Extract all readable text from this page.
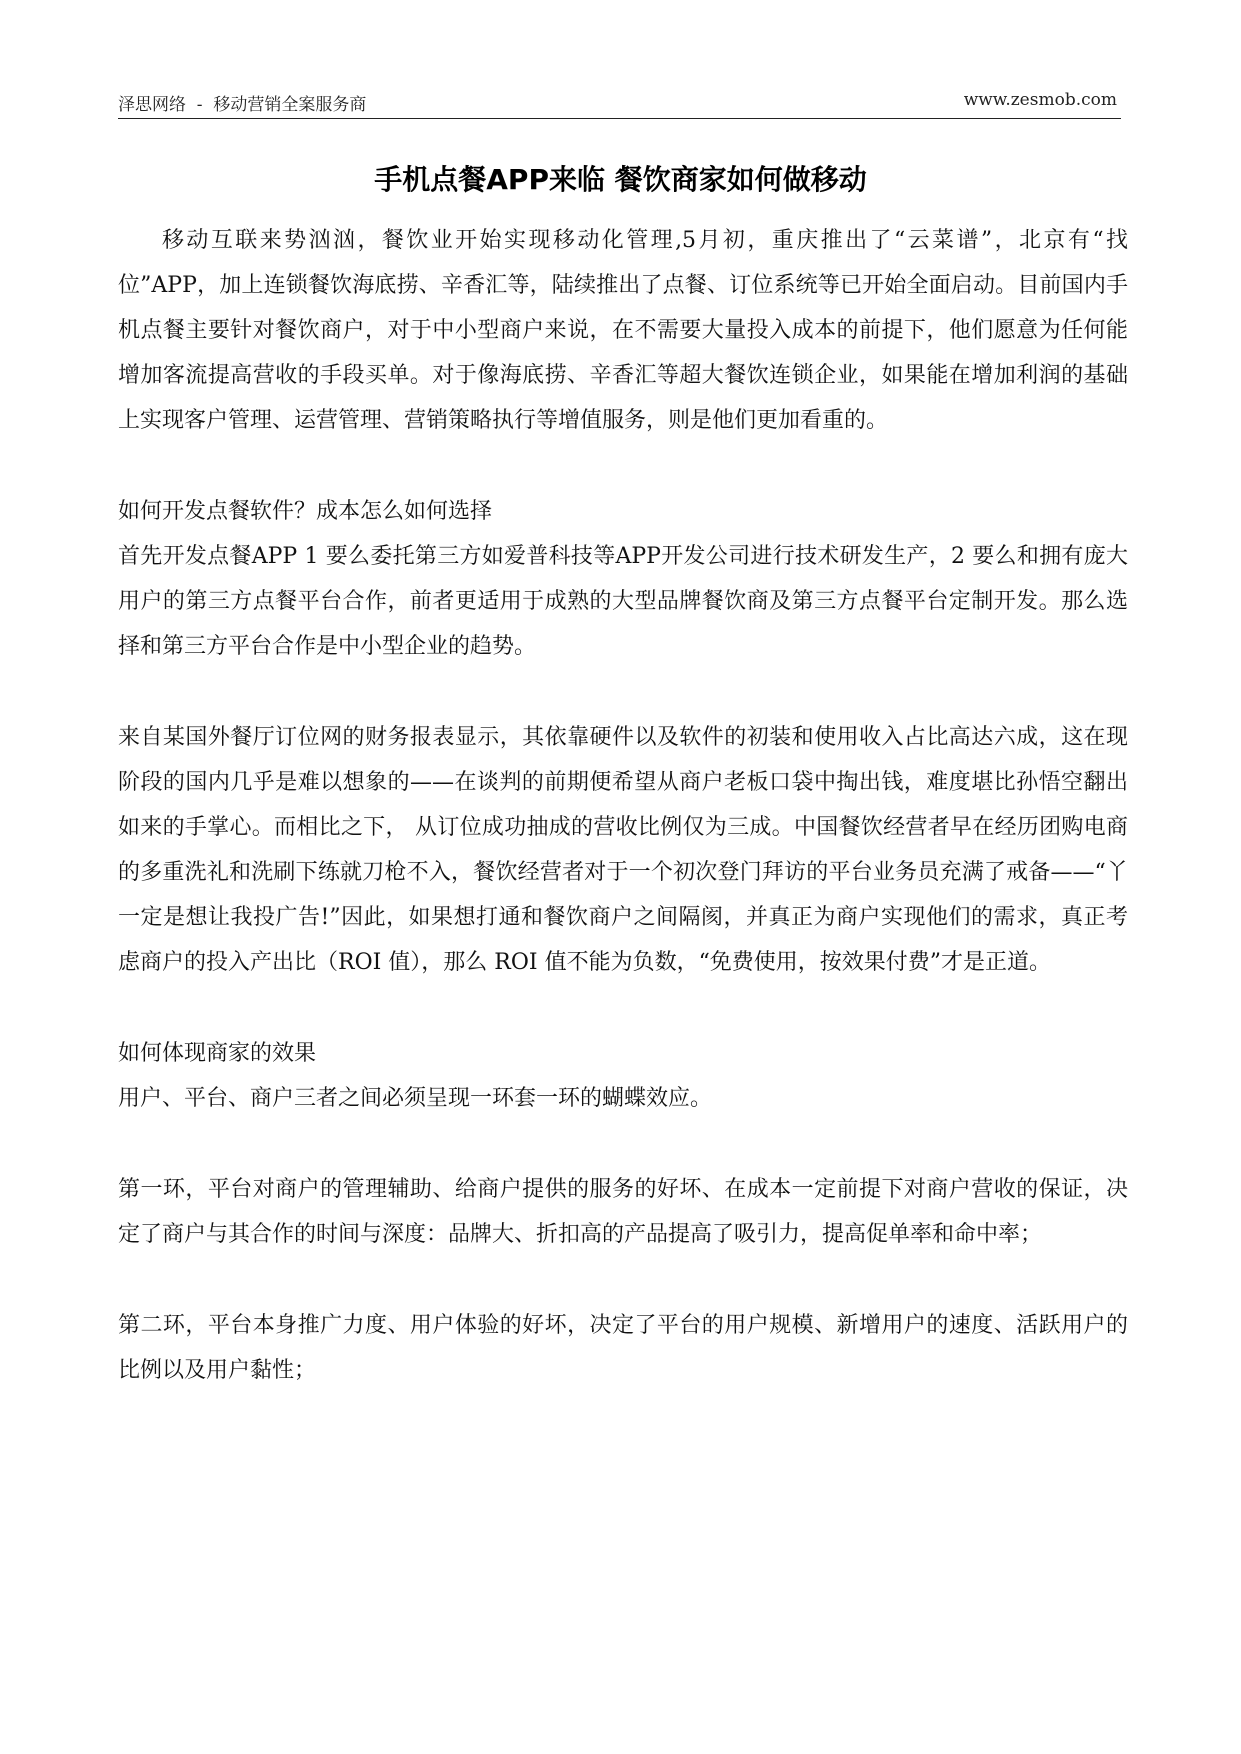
泽思网络  -  移动营销全案服务商	www.zesmob.com
手机点餐APP来临 餐饮商家如何做移动

移动互联来势汹汹，餐饮业开始实现移动化管理,5月初，重庆推出了“云菜谱”，北京有“找位”APP，加上连锁餐饮海底捞、辛香汇等，陆续推出了点餐、订位系统等已开始全面启动。目前国内手机点餐主要针对餐饮商户，对于中小型商户来说，在不需要大量投入成本的前提下，他们愿意为任何能增加客流提高营收的手段买单。对于像海底捞、辛香汇等超大餐饮连锁企业，如果能在增加利润的基础上实现客户管理、运营管理、营销策略执行等增值服务，则是他们更加看重的。

如何开发点餐软件？成本怎么如何选择

首先开发点餐APP 1 要么委托第三方如爱普科技等APP开发公司进行技术研发生产，2 要么和拥有庞大用户的第三方点餐平台合作，前者更适用于成熟的大型品牌餐饮商及第三方点餐平台定制开发。那么选择和第三方平台合作是中小型企业的趋势。

来自某国外餐厅订位网的财务报表显示，其依靠硬件以及软件的初装和使用收入占比高达六成，这在现阶段的国内几乎是难以想象的——在谈判的前期便希望从商户老板口袋中掏出钱，难度堪比孙悟空翻出如来的手掌心。而相比之下， 从订位成功抽成的营收比例仅为三成。中国餐饮经营者早在经历团购电商的多重洗礼和洗刷下练就刀枪不入，餐饮经营者对于一个初次登门拜访的平台业务员充满了戒备——“丫一定是想让我投广告!”因此，如果想打通和餐饮商户之间隔阂，并真正为商户实现他们的需求，真正考虑商户的投入产出比（ROI 值），那么 ROI 值不能为负数，“免费使用，按效果付费”才是正道。

如何体现商家的效果

用户、平台、商户三者之间必须呈现一环套一环的蝴蝶效应。

第一环，平台对商户的管理辅助、给商户提供的服务的好坏、在成本一定前提下对商户营收的保证，决定了商户与其合作的时间与深度：品牌大、折扣高的产品提高了吸引力，提高促单率和命中率；

第二环，平台本身推广力度、用户体验的好坏，决定了平台的用户规模、新增用户的速度、活跃用户的比例以及用户黏性；
